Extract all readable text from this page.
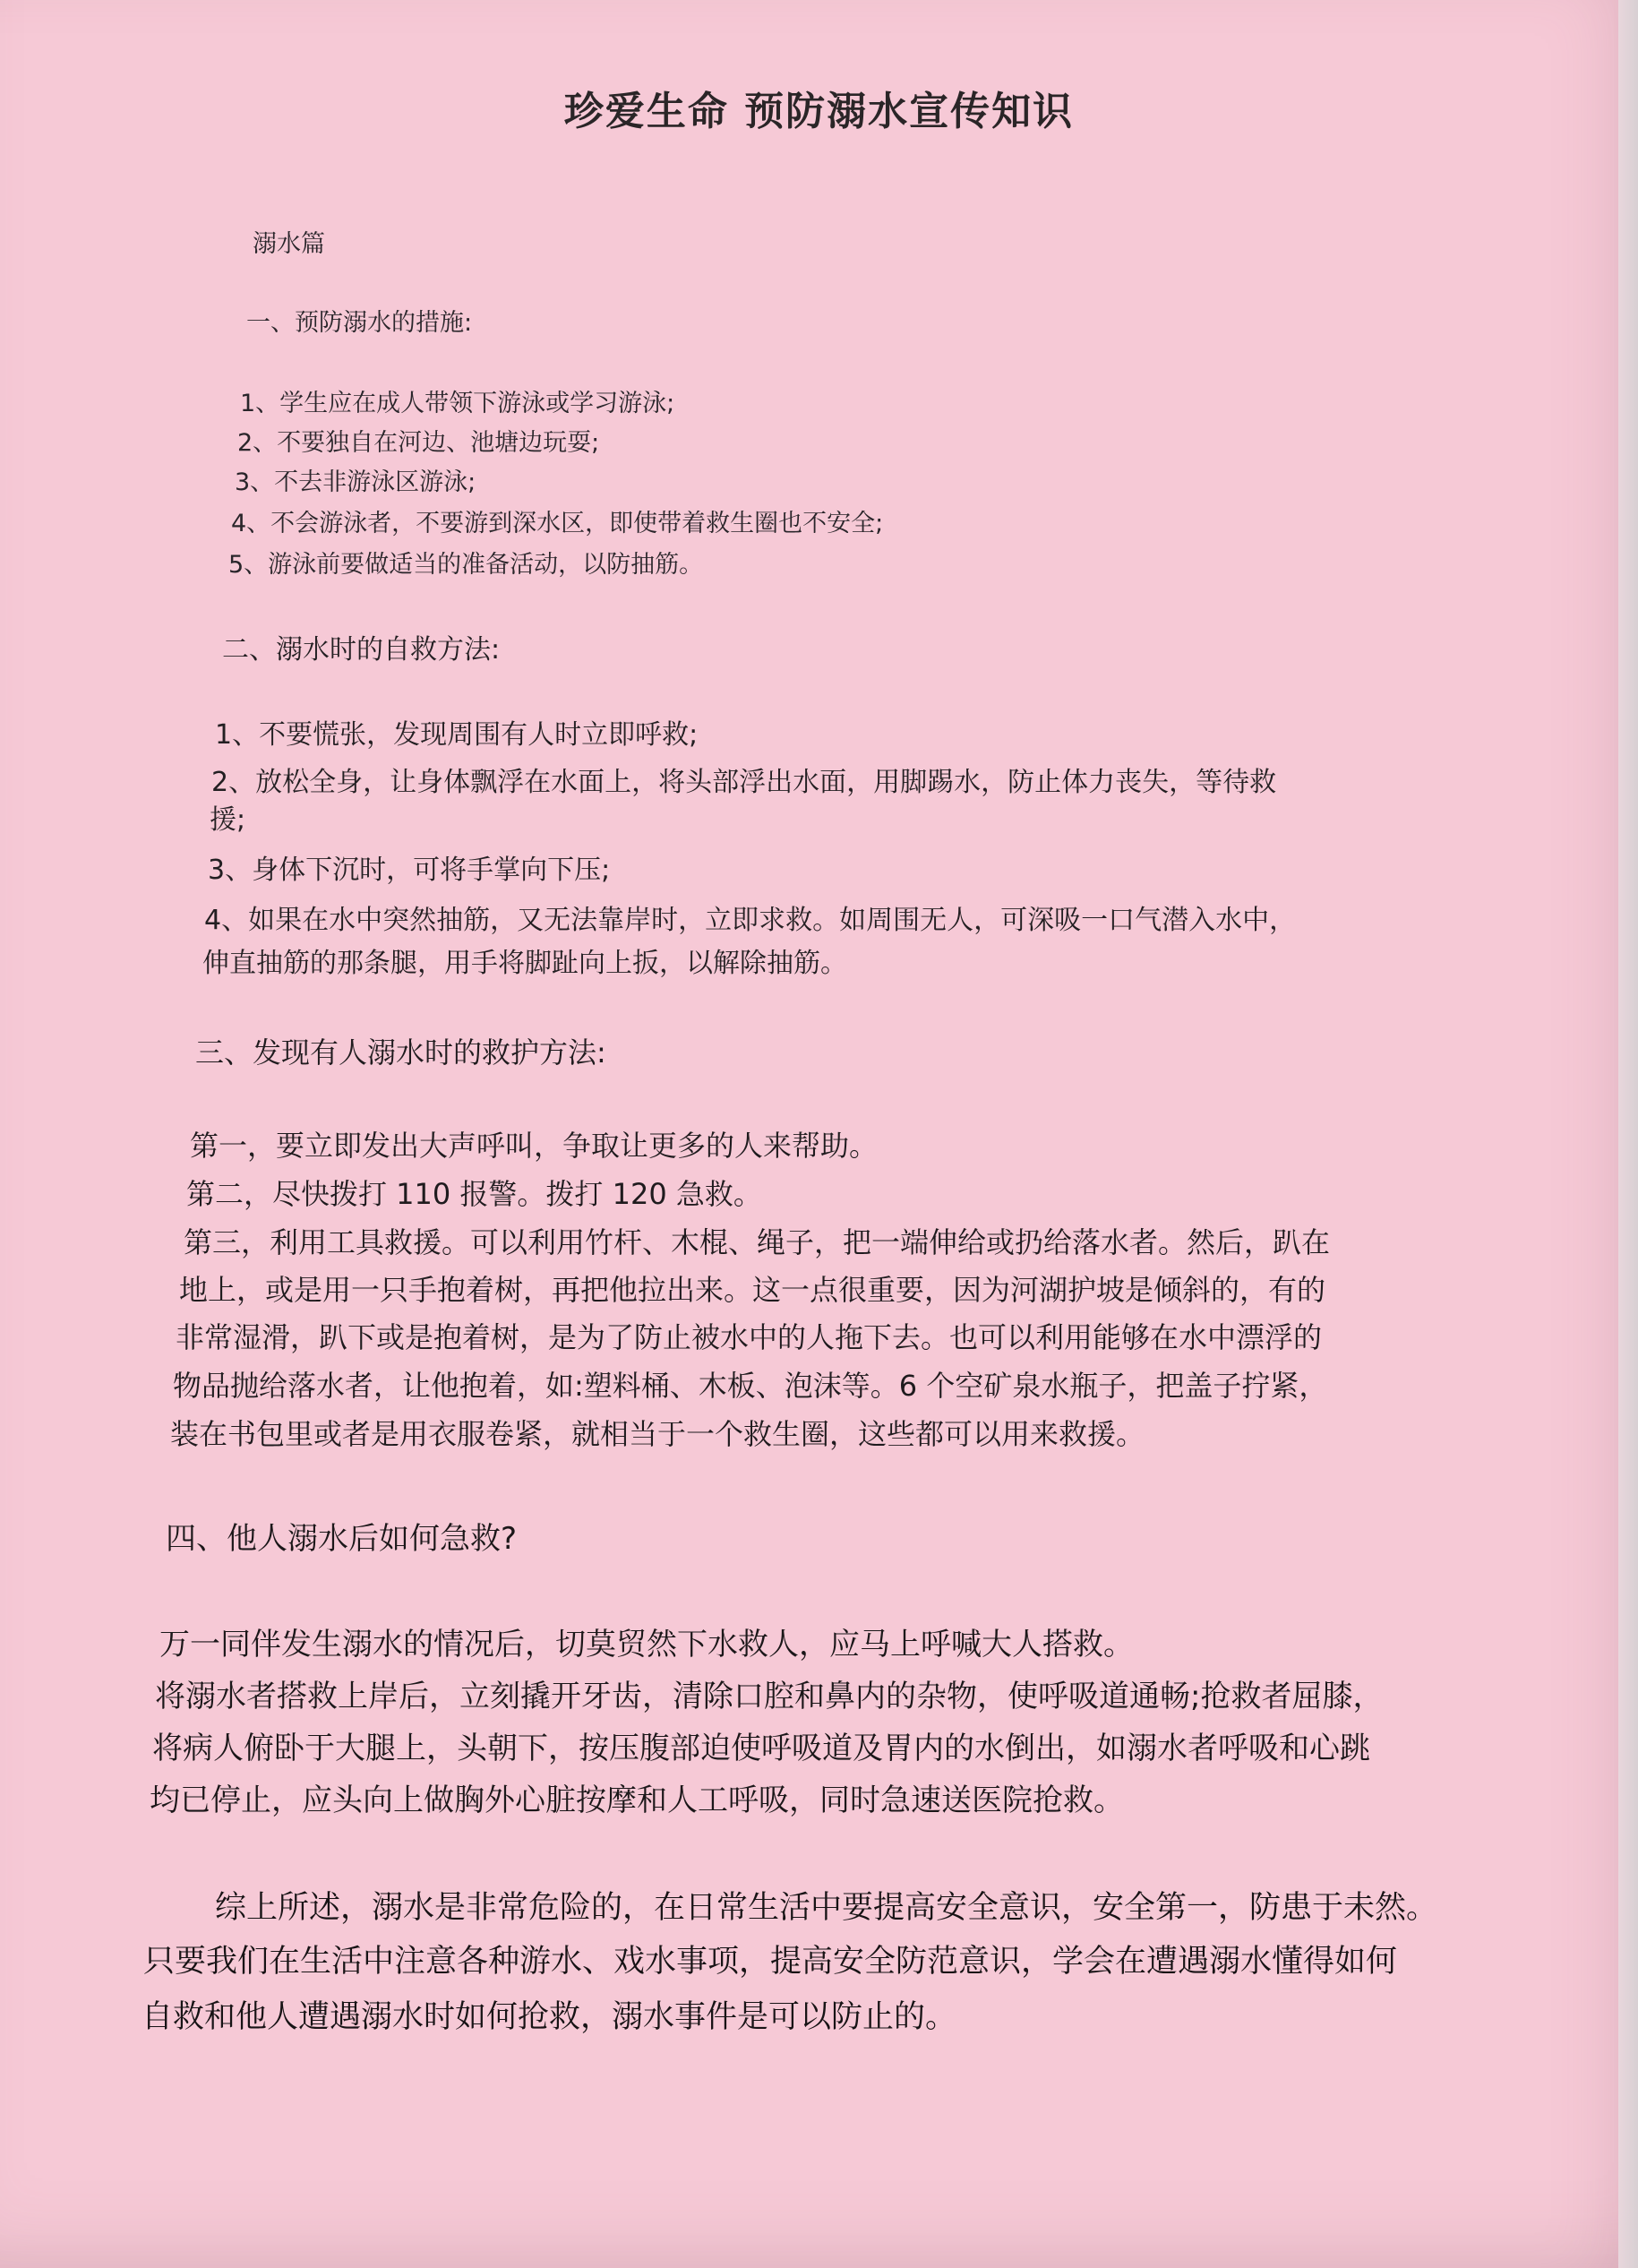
珍爱生命 预防溺水宣传知识
溺水篇
一、预防溺水的措施:
1、学生应在成人带领下游泳或学习游泳;
2、不要独自在河边、池塘边玩耍;
3、不去非游泳区游泳;
4、不会游泳者，不要游到深水区，即使带着救生圈也不安全;
5、游泳前要做适当的准备活动，以防抽筋。
二、溺水时的自救方法:
1、不要慌张，发现周围有人时立即呼救;
2、放松全身，让身体飘浮在水面上，将头部浮出水面，用脚踢水，防止体力丧失，等待救
援;
3、身体下沉时，可将手掌向下压;
4、如果在水中突然抽筋，又无法靠岸时，立即求救。如周围无人，可深吸一口气潜入水中，
伸直抽筋的那条腿，用手将脚趾向上扳，以解除抽筋。
三、发现有人溺水时的救护方法:
第一，要立即发出大声呼叫，争取让更多的人来帮助。
第二，尽快拨打 110 报警。拨打 120 急救。
第三，利用工具救援。可以利用竹杆、木棍、绳子，把一端伸给或扔给落水者。然后，趴在
地上，或是用一只手抱着树，再把他拉出来。这一点很重要，因为河湖护坡是倾斜的，有的
非常湿滑，趴下或是抱着树，是为了防止被水中的人拖下去。也可以利用能够在水中漂浮的
物品抛给落水者，让他抱着，如:塑料桶、木板、泡沫等。6 个空矿泉水瓶子，把盖子拧紧，
装在书包里或者是用衣服卷紧，就相当于一个救生圈，这些都可以用来救援。
四、他人溺水后如何急救?
万一同伴发生溺水的情况后，切莫贸然下水救人，应马上呼喊大人搭救。
将溺水者搭救上岸后，立刻撬开牙齿，清除口腔和鼻内的杂物，使呼吸道通畅;抢救者屈膝，
将病人俯卧于大腿上，头朝下，按压腹部迫使呼吸道及胃内的水倒出，如溺水者呼吸和心跳
均已停止，应头向上做胸外心脏按摩和人工呼吸，同时急速送医院抢救。
综上所述，溺水是非常危险的，在日常生活中要提高安全意识，安全第一，防患于未然。
只要我们在生活中注意各种游水、戏水事项，提高安全防范意识，学会在遭遇溺水懂得如何
自救和他人遭遇溺水时如何抢救，溺水事件是可以防止的。
